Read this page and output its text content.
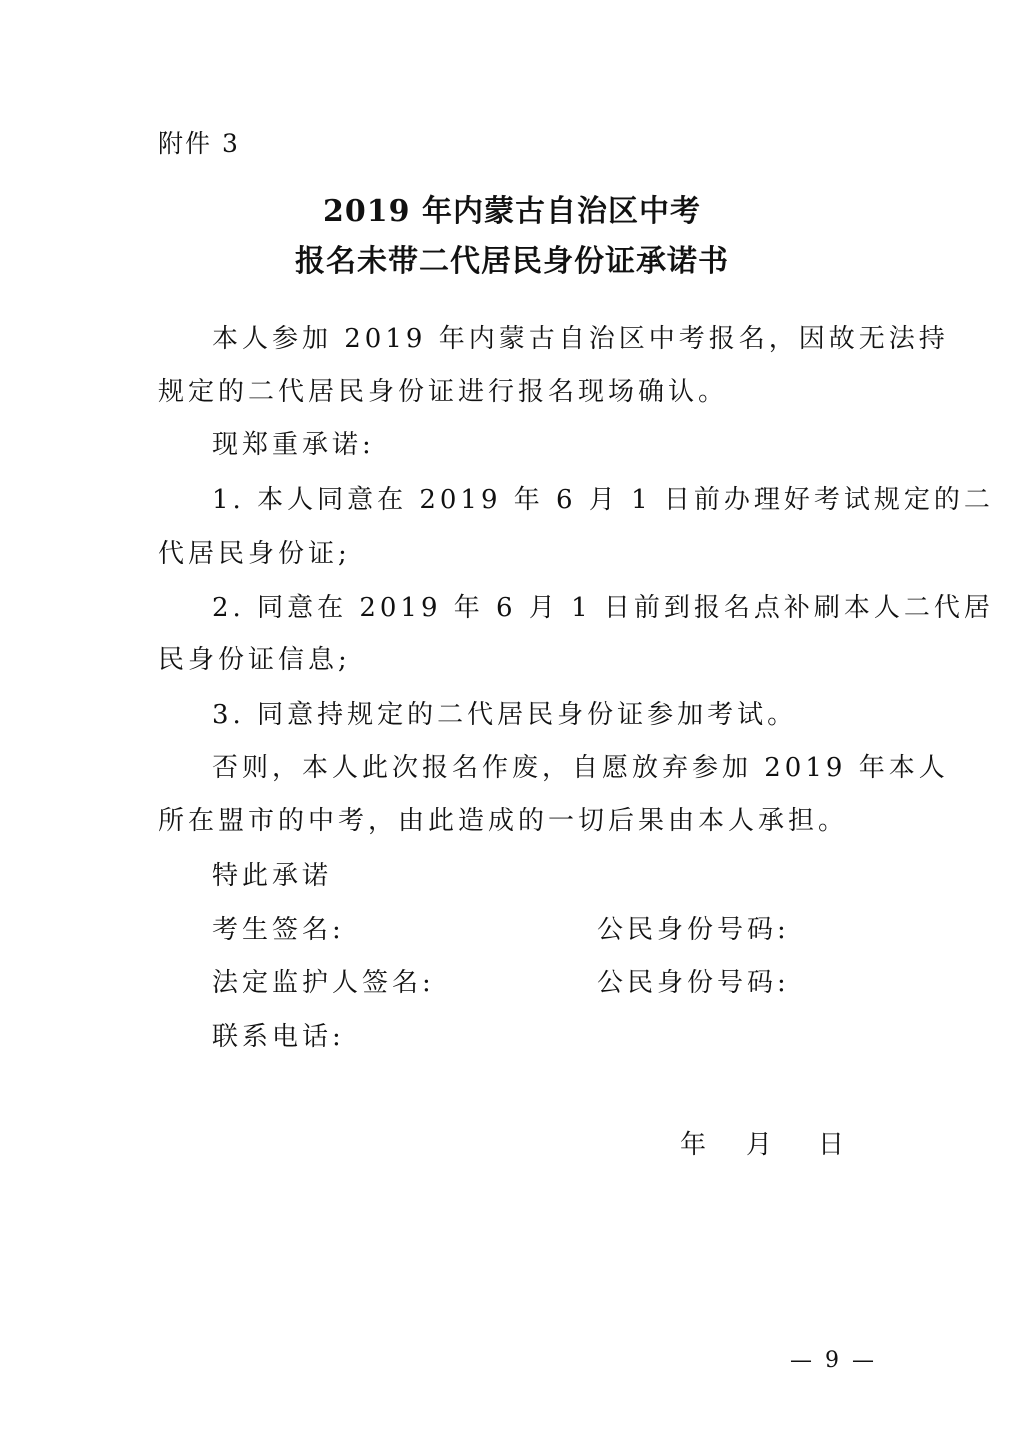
附件 3
2019 年内蒙古自治区中考
报名未带二代居民身份证承诺书
本人参加 2019 年内蒙古自治区中考报名，因故无法持
规定的二代居民身份证进行报名现场确认。
现郑重承诺:
1. 本人同意在 2019 年 6 月 1 日前办理好考试规定的二
代居民身份证;
2. 同意在 2019 年 6 月 1 日前到报名点补刷本人二代居
民身份证信息;
3. 同意持规定的二代居民身份证参加考试。
否则，本人此次报名作废，自愿放弃参加 2019 年本人
所在盟市的中考，由此造成的一切后果由本人承担。
特此承诺
考生签名:	公民身份号码:
法定监护人签名:	公民身份号码:
联系电话:
年 月 日
— 9 —
